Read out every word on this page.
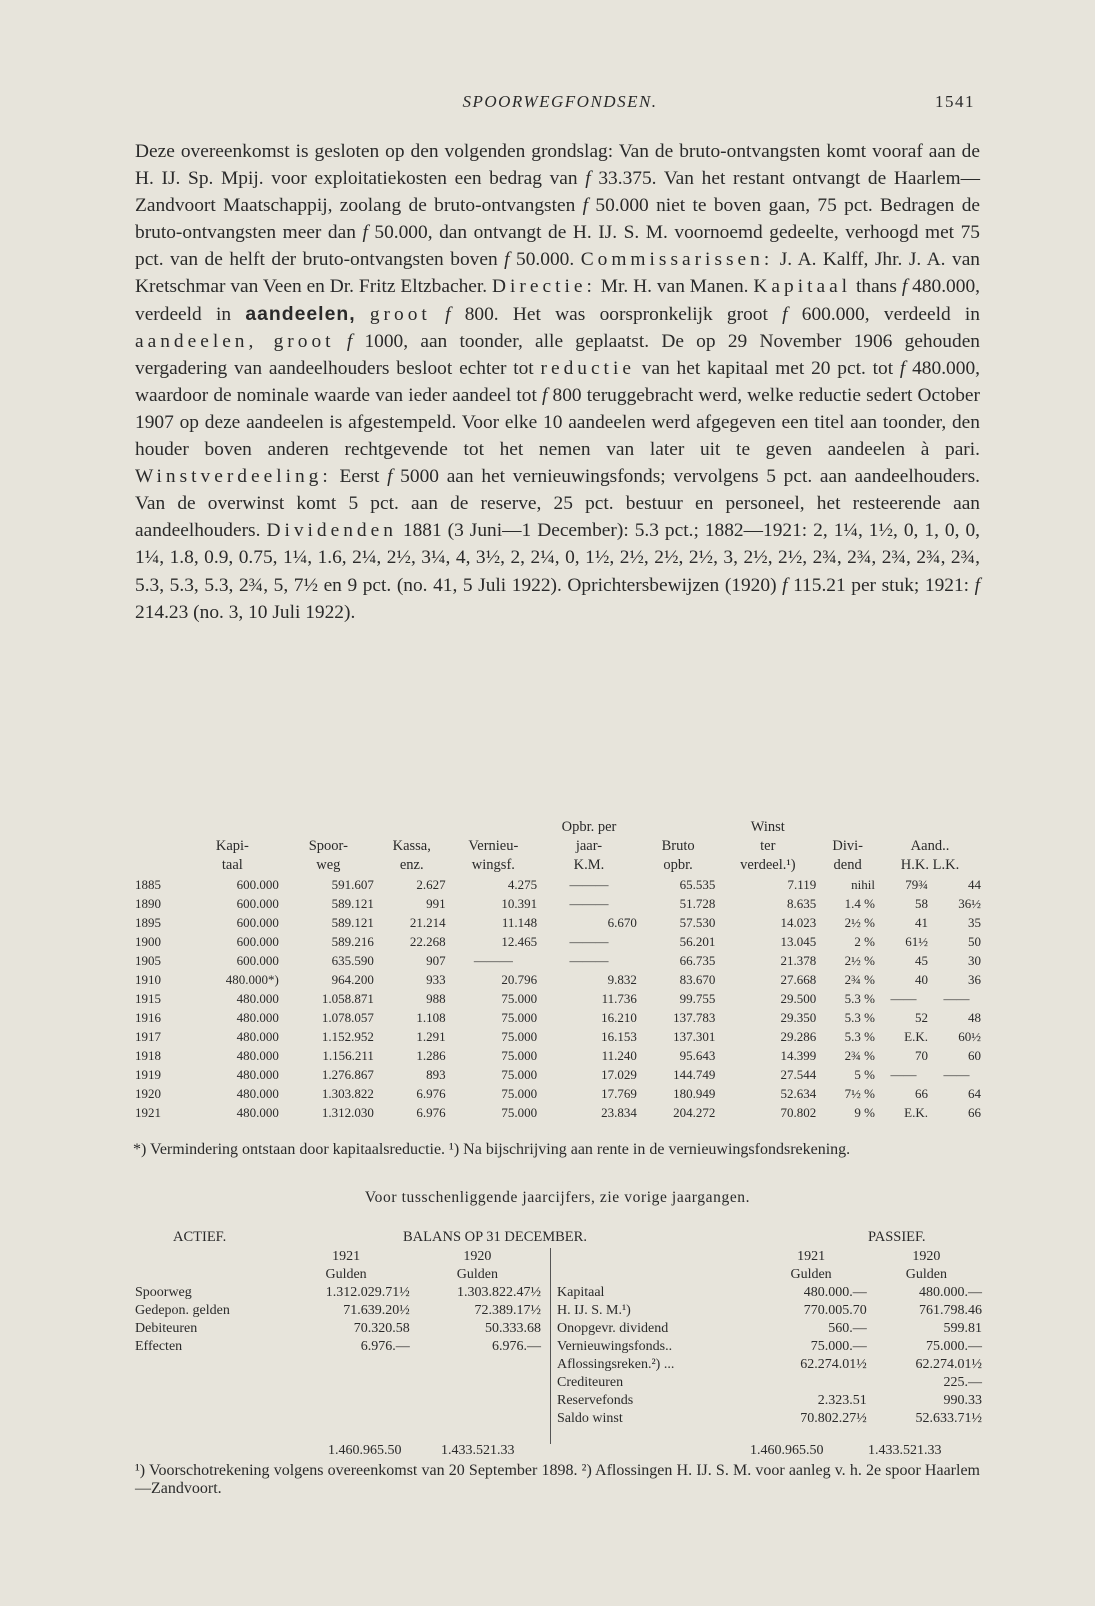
SPOORWEGFONDSEN.	1541

Deze overeenkomst is gesloten op den volgenden grondslag: Van de bruto-ontvangsten komt vooraf aan de H. IJ. Sp. Mpij. voor exploitatiekosten een bedrag van f 33.375. Van het restant ontvangt de Haarlem—Zandvoort Maatschappij, zoolang de bruto-ontvangsten f 50.000 niet te boven gaan, 75 pct. Bedragen de bruto-ontvangsten meer dan f 50.000, dan ontvangt de H. IJ. S. M. voornoemd gedeelte, verhoogd met 75 pct. van de helft der bruto-ontvangsten boven f 50.000. Commissarissen: J. A. Kalff, Jhr. J. A. van Kretschmar van Veen en Dr. Fritz Eltzbacher. Directie: Mr. H. van Manen. Kapitaal thans f 480.000, verdeeld in aandeelen, groot f 800. Het was oorspronkelijk groot f 600.000, verdeeld in aandeelen, groot f 1000, aan toonder, alle geplaatst. De op 29 November 1906 gehouden vergadering van aandeelhouders besloot echter tot reductie van het kapitaal met 20 pct. tot f 480.000, waardoor de nominale waarde van ieder aandeel tot f 800 teruggebracht werd, welke reductie sedert October 1907 op deze aandeelen is afgestempeld. Voor elke 10 aandeelen werd afgegeven een titel aan toonder, den houder boven anderen rechtgevende tot het nemen van later uit te geven aandeelen à pari. Winstverdeeling: Eerst f 5000 aan het vernieuwingsfonds; vervolgens 5 pct. aan aandeelhouders. Van de overwinst komt 5 pct. aan de reserve, 25 pct. bestuur en personeel, het resteerende aan aandeelhouders. Dividenden 1881 (3 Juni—1 December): 5.3 pct.; 1882—1921: 2, 1¼, 1½, 0, 1, 0, 0, 1¼, 1.8, 0.9, 0.75, 1¼, 1.6, 2¼, 2½, 3¼, 4, 3½, 2, 2¼, 0, 1½, 2½, 2½, 2½, 3, 2½, 2½, 2¾, 2¾, 2¾, 2¾, 2¾, 5.3, 5.3, 5.3, 2¾, 5, 7½ en 9 pct. (no. 41, 5 Juli 1922). Oprichtersbewijzen (1920) f 115.21 per stuk; 1921: f 214.23 (no. 3, 10 Juli 1922).

					Opbr. per		Winst			
	Kapi-	Spoor-	Kassa,	Vernieu-	jaar-	Bruto	ter	Divi-	Aand..	
	taal	weg	enz.	wingsf.	K.M.	opbr.	verdeel.¹)	dend	H.K. L.K.	
1885	600.000	591.607	2.627	4.275	———	65.535	7.119	nihil	79¾	44
1890	600.000	589.121	991	10.391	———	51.728	8.635	1.4 %	58	36½
1895	600.000	589.121	21.214	11.148	6.670	57.530	14.023	2½ %	41	35
1900	600.000	589.216	22.268	12.465	———	56.201	13.045	2 %	61½	50
1905	600.000	635.590	907	———	———	66.735	21.378	2½ %	45	30
1910	480.000*)	964.200	933	20.796	9.832	83.670	27.668	2¾ %	40	36
1915	480.000	1.058.871	988	75.000	11.736	99.755	29.500	5.3 %	——	——
1916	480.000	1.078.057	1.108	75.000	16.210	137.783	29.350	5.3 %	52	48
1917	480.000	1.152.952	1.291	75.000	16.153	137.301	29.286	5.3 %	E.K.	60½
1918	480.000	1.156.211	1.286	75.000	11.240	95.643	14.399	2¾ %	70	60
1919	480.000	1.276.867	893	75.000	17.029	144.749	27.544	5 %	——	——
1920	480.000	1.303.822	6.976	75.000	17.769	180.949	52.634	7½ %	66	64
1921	480.000	1.312.030	6.976	75.000	23.834	204.272	70.802	9 %	E.K.	66
*) Vermindering ontstaan door kapitaalsreductie. ¹) Na bijschrijving aan rente in de vernieuwingsfondsrekening.
Voor tusschenliggende jaarcijfers, zie vorige jaargangen.
ACTIEF.	BALANS OP 31 DECEMBER.	PASSIEF.
	1921	1920
	Gulden	Gulden
Spoorweg	1.312.029.71½	1.303.822.47½
Gedepon. gelden	71.639.20½	72.389.17½
Debiteuren	70.320.58	50.333.68
Effecten	6.976.—	6.976.—
	1921	1920
	Gulden	Gulden
Kapitaal	480.000.—	480.000.—
H. IJ. S. M.¹)	770.005.70	761.798.46
Onopgevr. dividend	560.—	599.81
Vernieuwingsfonds..	75.000.—	75.000.—
Aflossingsreken.²) ...	62.274.01½	62.274.01½
Crediteuren		225.—
Reservefonds	2.323.51	990.33
Saldo winst	70.802.27½	52.633.71½
1.460.965.50	1.433.521.33	1.460.965.50	1.433.521.33
¹) Voorschotrekening volgens overeenkomst van 20 September 1898. ²) Aflossingen H. IJ. S. M. voor aanleg v. h. 2e spoor Haarlem—Zandvoort.
